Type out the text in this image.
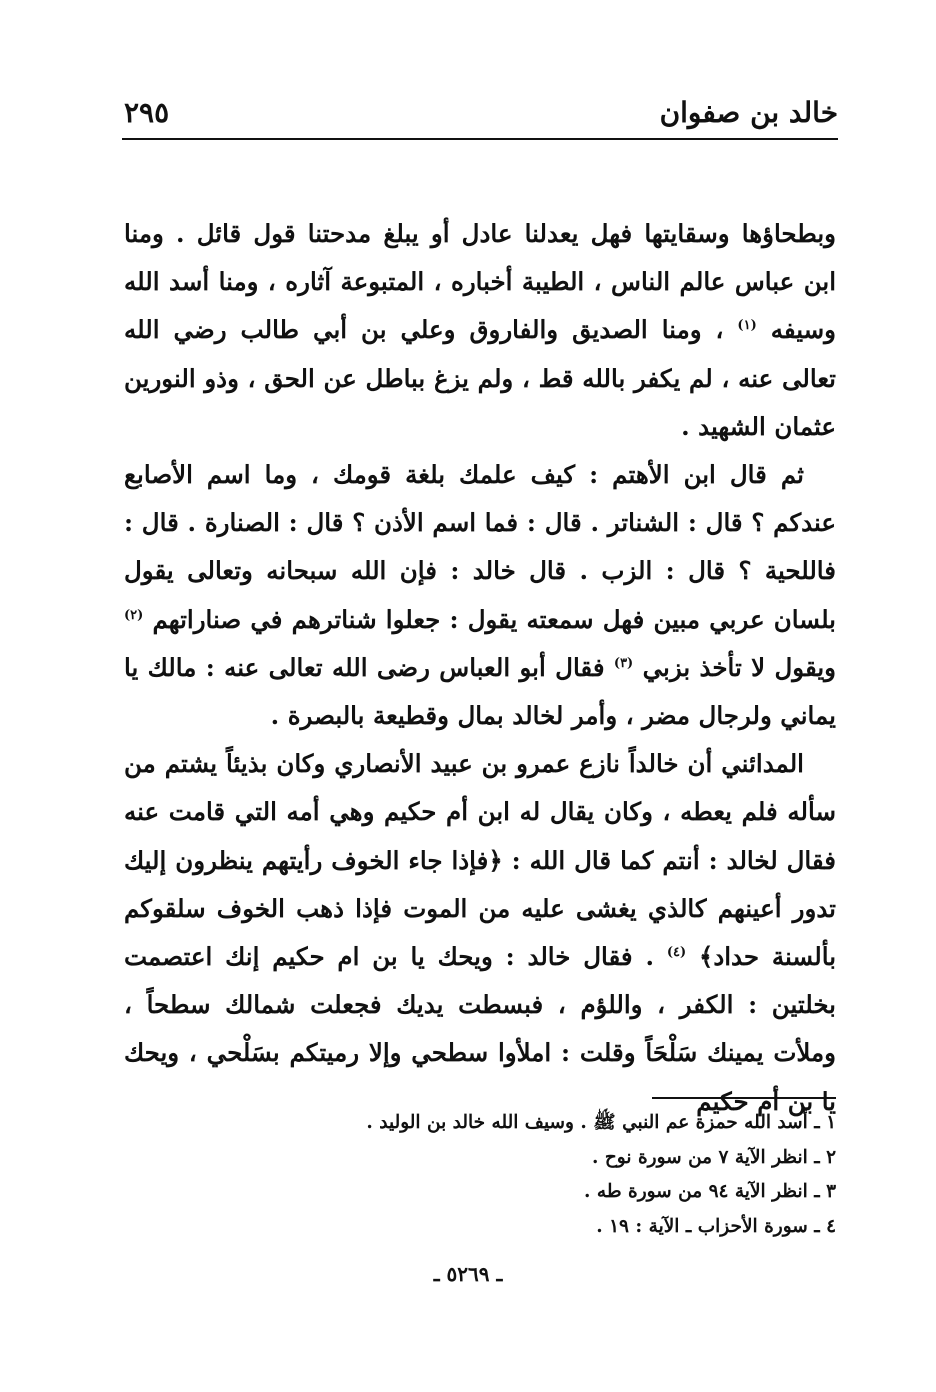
خالد بن صفوان
٢٩٥

وبطحاؤها وسقايتها فهل يعدلنا عادل أو يبلغ مدحتنا قول قائل . ومنا ابن عباس عالم الناس ، الطيبة أخباره ، المتبوعة آثاره ، ومنا أسد الله وسيفه $^{(١)}$ ، ومنا الصديق والفاروق وعلي بن أبي طالب رضي الله تعالى عنه ، لم يكفر بالله قط ، ولم يزغ بباطل عن الحق ، وذو النورين عثمان الشهيد .

ثم قال ابن الأهتم : كيف علمك بلغة قومك ، وما اسم الأصابع عندكم ؟ قال : الشناتر . قال : فما اسم الأذن ؟ قال : الصنارة . قال : فاللحية ؟ قال : الزب . قال خالد : فإن الله سبحانه وتعالى يقول بلسان عربي مبين فهل سمعته يقول : جعلوا شناترهم في صناراتهم $^{(٢)}$ ويقول لا تأخذ بزبي $^{(٣)}$ فقال أبو العباس رضى الله تعالى عنه : مالك يا يماني ولرجال مضر ، وأمر لخالد بمال وقطيعة بالبصرة .

المدائني أن خالداً نازع عمرو بن عبيد الأنصاري وكان بذيئاً يشتم من سأله فلم يعطه ، وكان يقال له ابن أم حكيم وهي أمه التي قامت عنه فقال لخالد : أنتم كما قال الله : ﴿فإذا جاء الخوف رأيتهم ينظرون إليك تدور أعينهم كالذي يغشى عليه من الموت فإذا ذهب الخوف سلقوكم بألسنة حداد﴾ $^{(٤)}$ . فقال خالد : ويحك يا بن ام حكيم إنك اعتصمت بخلتين : الكفر ، واللؤم ، فبسطت يديك فجعلت شمالك سطحاً ، وملأت يمينك سَلْحَاً وقلت : املأوا سطحي وإلا رميتكم بسَلْحي ، ويحك يا بن أم حكيم

١ ـ أسد الله حمزة عم النبي ﷺ . وسيف الله خالد بن الوليد .
٢ ـ انظر الآية ٧ من سورة نوح .
٣ ـ انظر الآية ٩٤ من سورة طه .
٤ ـ سورة الأحزاب ـ الآية : ١٩ .
ـ ٥٢٦٩ ـ
